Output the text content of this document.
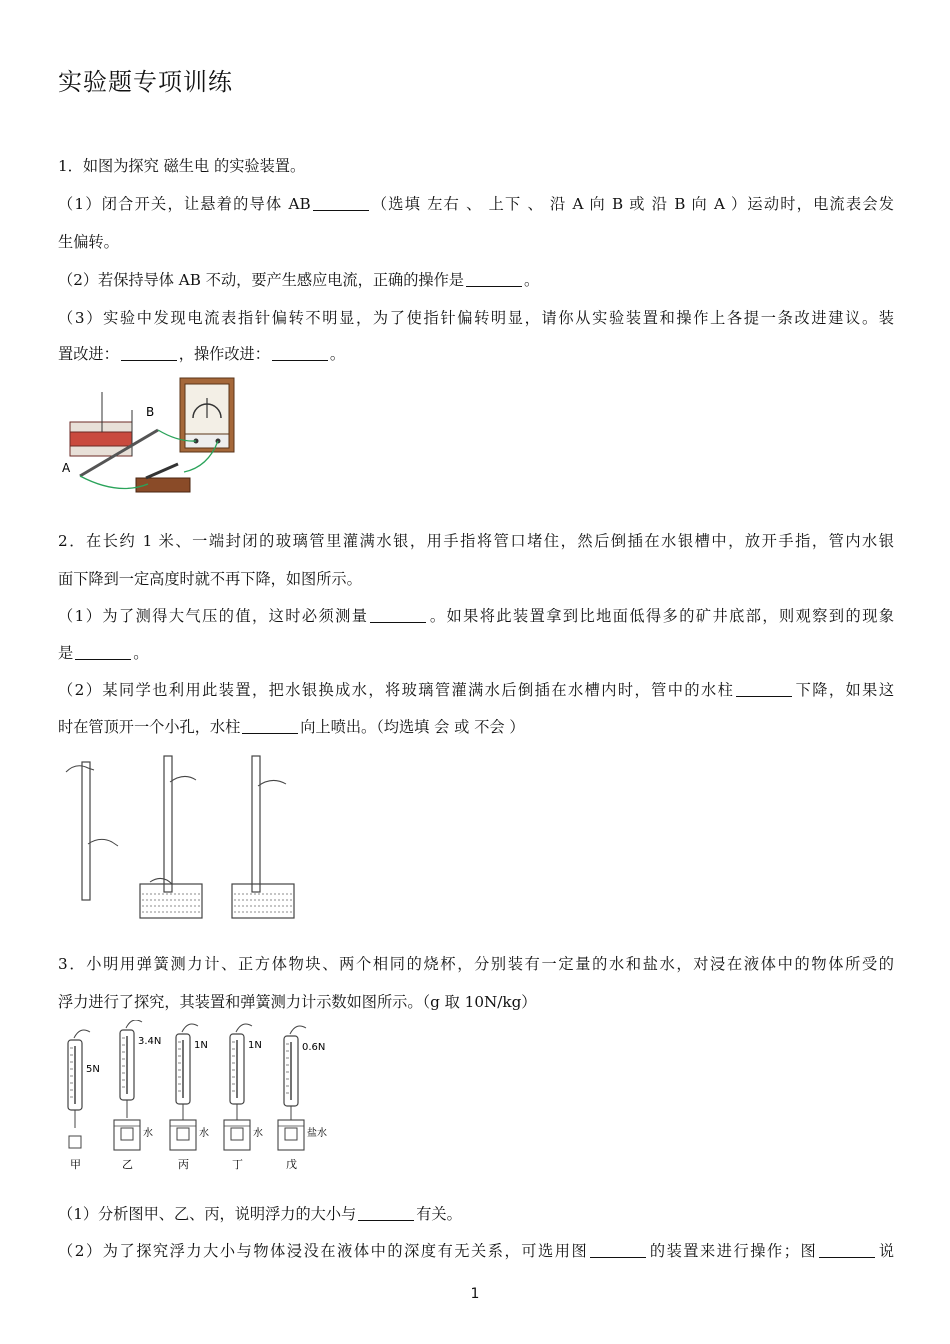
实验题专项训练
1．如图为探究 磁生电 的实验装置。
（1）闭合开关，让悬着的导体 AB	（选填 左右 、 上下 、 沿 A 向 B 或 沿 B 向 A ）运动时，电流表会发
生偏转。
（2）若保持导体 AB 不动，要产生感应电流，正确的操作是	。
（3）实验中发现电流表指针偏转不明显，为了使指针偏转明显，请你从实验装置和操作上各提一条改进建议。装
置改进：	，操作改进：	。
B
A
2．在长约 1 米、一端封闭的玻璃管里灌满水银，用手指将管口堵住，然后倒插在水银槽中，放开手指，管内水银
面下降到一定高度时就不再下降，如图所示。
（1）为了测得大气压的值，这时必须测量	。如果将此装置拿到比地面低得多的矿井底部，则观察到的现象
是	。
（2）某同学也利用此装置，把水银换成水，将玻璃管灌满水后倒插在水槽内时，管中的水柱	下降，如果这
时在管顶开一个小孔，水柱	向上喷出。（均选填 会 或 不会 ）
3．小明用弹簧测力计、正方体物块、两个相同的烧杯，分别装有一定量的水和盐水，对浸在液体中的物体所受的
浮力进行了探究，其装置和弹簧测力计示数如图所示。（g 取 10N/kg）
5N
甲
3.4N
水
乙
1N
水
丙
1N
水
丁
0.6N
盐水
戊
（1）分析图甲、乙、丙，说明浮力的大小与	有关。
（2）为了探究浮力大小与物体浸没在液体中的深度有无关系，可选用图	的装置来进行操作；图	说
1
